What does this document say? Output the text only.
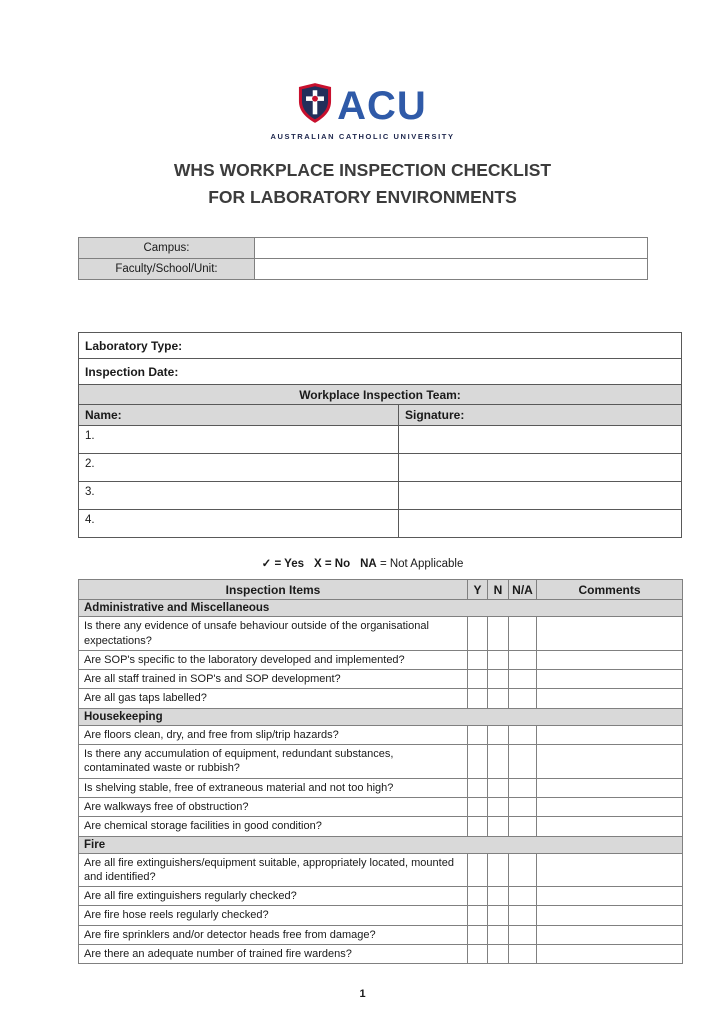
ACU
AUSTRALIAN CATHOLIC UNIVERSITY
WHS WORKPLACE INSPECTION CHECKLIST
FOR LABORATORY ENVIRONMENTS
Campus:	
Faculty/School/Unit:	
Laboratory Type:	
Inspection Date:	
Workplace Inspection Team:	
Name:	Signature:
1.	
2.	
3.	
4.	
✓ = Yes X = No NA = Not Applicable
Inspection Items	Y	N	N/A	Comments
Administrative and Miscellaneous				
Is there any evidence of unsafe behaviour outside of the organisational expectations?				
Are SOP's specific to the laboratory developed and implemented?				
Are all staff trained in SOP's and SOP development?				
Are all gas taps labelled?				
Housekeeping				
Are floors clean, dry, and free from slip/trip hazards?				
Is there any accumulation of equipment, redundant substances, contaminated waste or rubbish?				
Is shelving stable, free of extraneous material and not too high?				
Are walkways free of obstruction?				
Are chemical storage facilities in good condition?				
Fire				
Are all fire extinguishers/equipment suitable, appropriately located, mounted and identified?				
Are all fire extinguishers regularly checked?				
Are fire hose reels regularly checked?				
Are fire sprinklers and/or detector heads free from damage?				
Are there an adequate number of trained fire wardens?				
1
